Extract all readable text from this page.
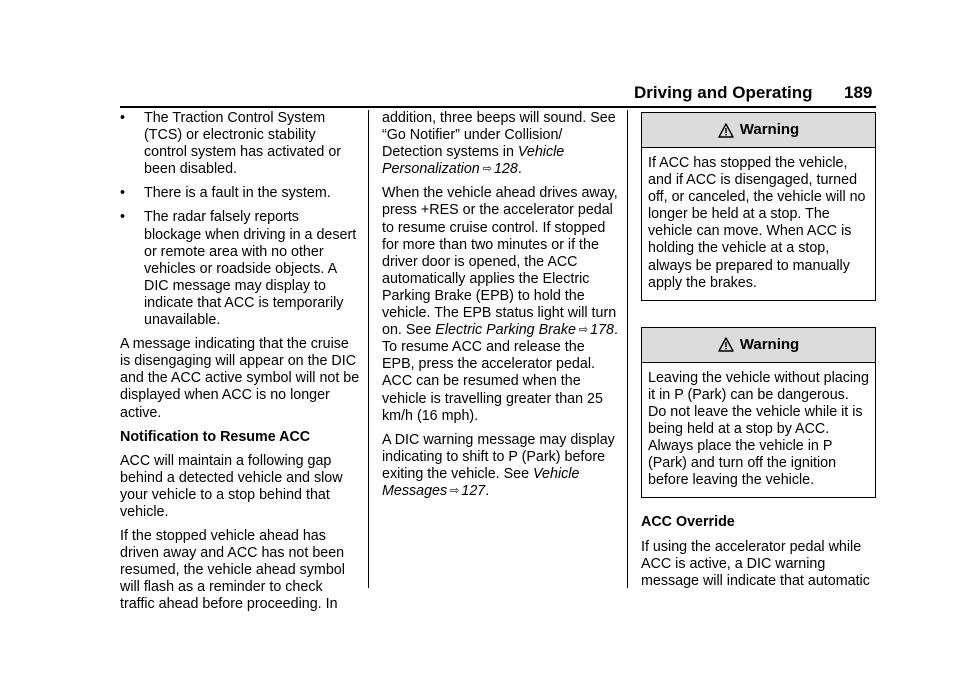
Driving and Operating 189
• The Traction Control System (TCS) or electronic stability control system has activated or been disabled.
• There is a fault in the system.
• The radar falsely reports blockage when driving in a desert or remote area with no other vehicles or roadside objects. A DIC message may display to indicate that ACC is temporarily unavailable.

A message indicating that the cruise is disengaging will appear on the DIC and the ACC active symbol will not be displayed when ACC is no longer active.

Notification to Resume ACC

ACC will maintain a following gap behind a detected vehicle and slow your vehicle to a stop behind that vehicle.

If the stopped vehicle ahead has driven away and ACC has not been resumed, the vehicle ahead symbol will flash as a reminder to check traffic ahead before proceeding. In

addition, three beeps will sound. See “Go Notifier” under Collision/ Detection systems in Vehicle Personalization ⇨ 128.

When the vehicle ahead drives away, press +RES or the accelerator pedal to resume cruise control. If stopped for more than two minutes or if the driver door is opened, the ACC automatically applies the Electric Parking Brake (EPB) to hold the vehicle. The EPB status light will turn on. See Electric Parking Brake ⇨ 178. To resume ACC and release the EPB, press the accelerator pedal. ACC can be resumed when the vehicle is travelling greater than 25 km/h (16 mph).

A DIC warning message may display indicating to shift to P (Park) before exiting the vehicle. See Vehicle Messages ⇨ 127.

Warning
If ACC has stopped the vehicle, and if ACC is disengaged, turned off, or canceled, the vehicle will no longer be held at a stop. The vehicle can move. When ACC is holding the vehicle at a stop, always be prepared to manually apply the brakes.
Warning
Leaving the vehicle without placing it in P (Park) can be dangerous. Do not leave the vehicle while it is being held at a stop by ACC. Always place the vehicle in P (Park) and turn off the ignition before leaving the vehicle.

ACC Override

If using the accelerator pedal while ACC is active, a DIC warning message will indicate that automatic
